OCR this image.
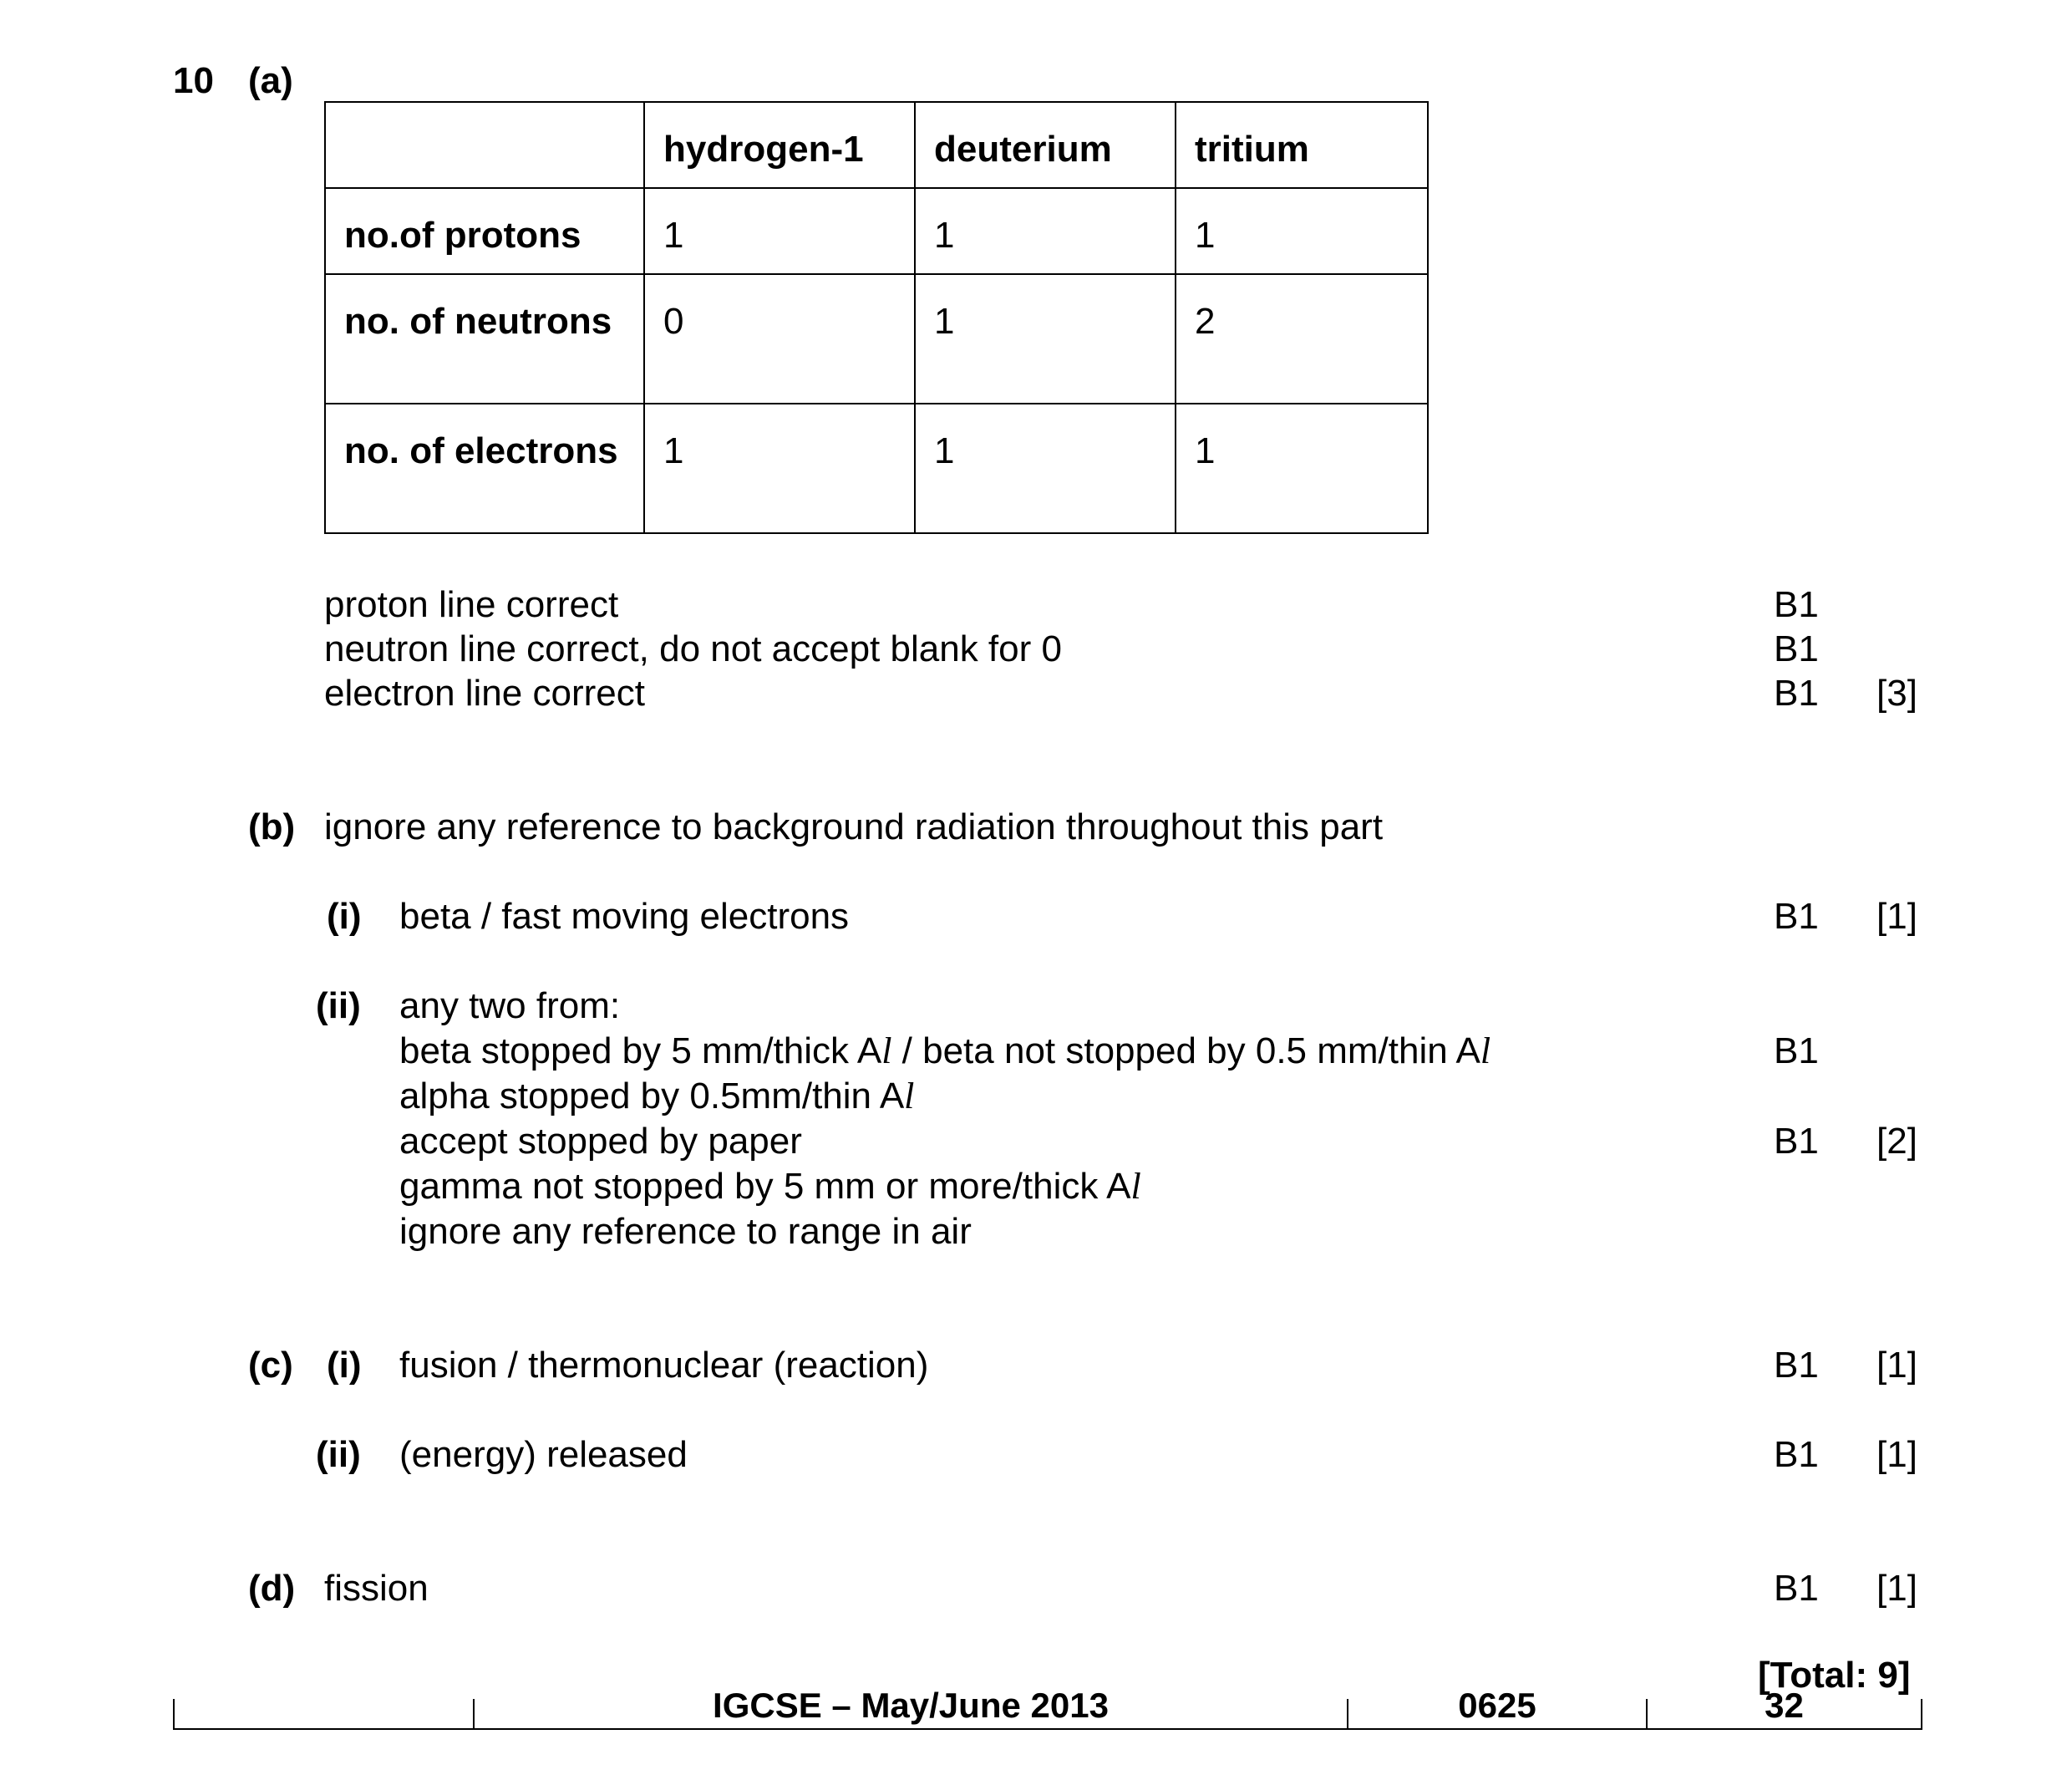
10 (a)
	hydrogen-1	deuterium	tritium
no.of protons	1	1	1
no. of neutrons	0	1	2
no. of electrons	1	1	1
proton line correct	B1
neutron line correct, do not accept blank for 0	B1
electron line correct	B1 [3]
(b) ignore any reference to background radiation throughout this part
(i) beta / fast moving electrons	B1 [1]
(ii) any two from:
beta stopped by 5 mm/thick Al / beta not stopped by 0.5 mm/thin Al	B1
alpha stopped by 0.5mm/thin Al
accept stopped by paper	B1 [2]
gamma not stopped by 5 mm or more/thick Al
ignore any reference to range in air
(c) (i) fusion / thermonuclear (reaction)	B1 [1]
(ii) (energy) released	B1 [1]
(d) fission	B1 [1]
[Total: 9]
IGCSE – May/June 2013	0625	32
